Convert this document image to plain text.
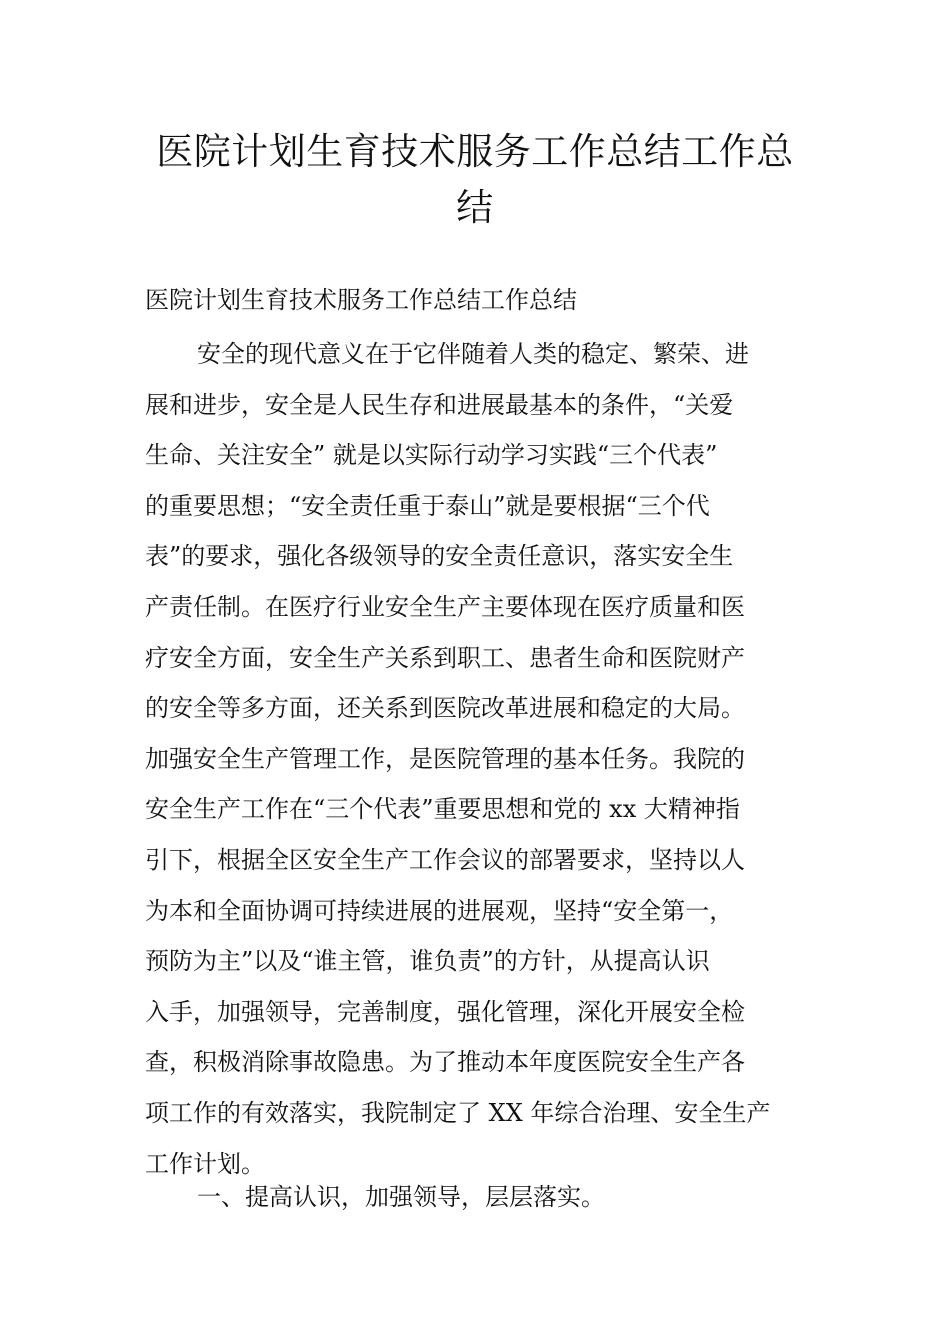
医院计划生育技术服务工作总结工作总
结

医院计划生育技术服务工作总结工作总结

安全的现代意义在于它伴随着人类的稳定、繁荣、进
展和进步，安全是人民生存和进展最基本的条件，“关爱
生命、关注安全” 就是以实际行动学习实践“三个代表”
的重要思想；“安全责任重于泰山”就是要根据“三个代
表”的要求，强化各级领导的安全责任意识，落实安全生
产责任制。在医疗行业安全生产主要体现在医疗质量和医
疗安全方面，安全生产关系到职工、患者生命和医院财产
的安全等多方面，还关系到医院改革进展和稳定的大局。
加强安全生产管理工作，是医院管理的基本任务。我院的
安全生产工作在“三个代表”重要思想和党的 xx 大精神指
引下，根据全区安全生产工作会议的部署要求，坚持以人
为本和全面协调可持续进展的进展观，坚持“安全第一，
预防为主”以及“谁主管，谁负责”的方针，从提高认识
入手，加强领导，完善制度，强化管理，深化开展安全检
查，积极消除事故隐患。为了推动本年度医院安全生产各
项工作的有效落实，我院制定了 XX 年综合治理、安全生产
工作计划。

一、提高认识，加强领导，层层落实。
